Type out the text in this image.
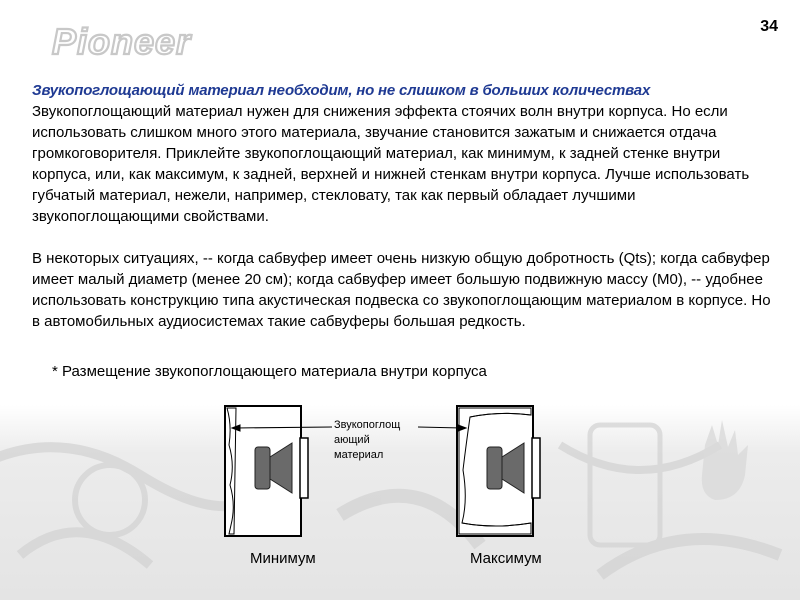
Pioneer	34
Звукопоглощающий материал необходим, но не слишком в больших количествах

Звукопоглощающий материал нужен для снижения эффекта стоячих волн внутри корпуса. Но если использовать слишком много этого материала, звучание становится зажатым и снижается отдача громкоговорителя. Приклейте звукопоглощающий материал, как минимум, к задней стенке внутри корпуса, или, как максимум, к задней, верхней и нижней стенкам внутри корпуса. Лучше использовать губчатый материал, нежели, например, стекловату, так как первый обладает лучшими звукопоглощающими свойствами.

В некоторых ситуациях, -- когда сабвуфер имеет очень низкую общую добротность (Qts); когда сабвуфер имеет малый диаметр (менее 20 см); когда сабвуфер имеет большую подвижную массу (M0), -- удобнее использовать конструкцию типа акустическая подвеска со звукопоглощающим материалом в корпусе. Но в автомобильных аудиосистемах такие сабвуферы большая редкость.

* Размещение звукопоглощающего материала внутри корпуса
Звукопоглощ
ающий
материал
Минимум	Максимум
